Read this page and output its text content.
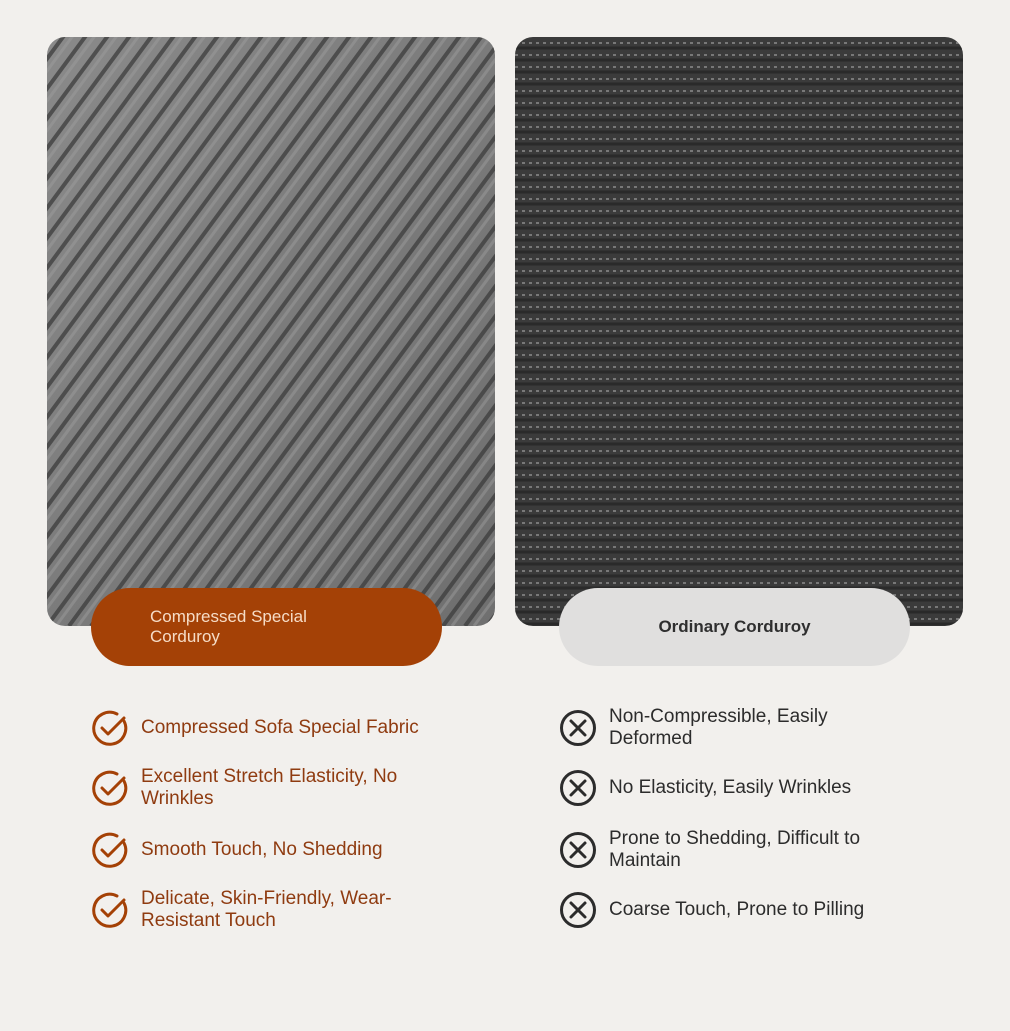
Compressed Special Corduroy
Ordinary Corduroy
Compressed Sofa Special Fabric
Excellent Stretch Elasticity, No Wrinkles
Smooth Touch, No Shedding
Delicate, Skin-Friendly, Wear-Resistant Touch
Non-Compressible, Easily Deformed
No Elasticity, Easily Wrinkles
Prone to Shedding, Difficult to Maintain
Coarse Touch, Prone to Pilling
